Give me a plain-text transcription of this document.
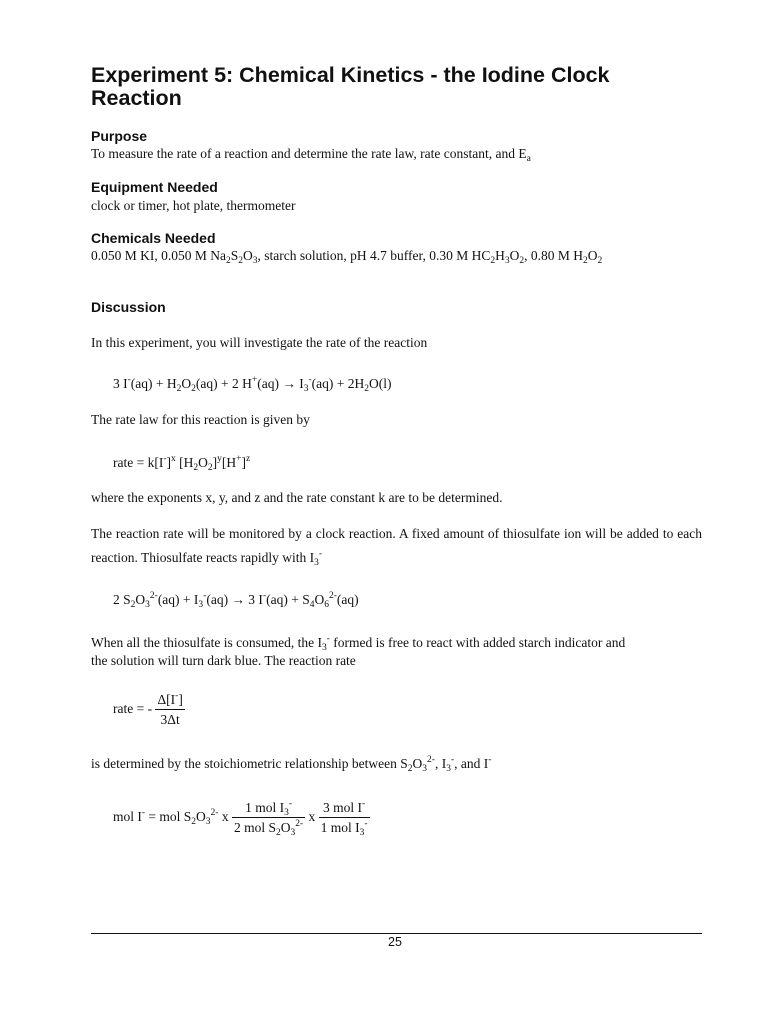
Experiment 5: Chemical Kinetics - the Iodine Clock
Reaction
Purpose
To measure the rate of a reaction and determine the rate law, rate constant, and $E_a$
Equipment Needed
clock or timer, hot plate, thermometer
Chemicals Needed
0.050 M KI, 0.050 M $Na_2S_2O_3$, starch solution, pH 4.7 buffer, 0.30 M $HC_2H_3O_2$, 0.80 M $H_2O_2$
Discussion
In this experiment, you will investigate the rate of the reaction
3 $I^-(aq) + H_2O_2(aq) + 2$ $H^+(aq) \to I_3^-(aq) + 2H_2O(l)$
The rate law for this reaction is given by
rate = $k[I^-]^x$ $[H_2O_2]^y[H^+]^z$
where the exponents x, y, and z and the rate constant k are to be determined.
The reaction rate will be monitored by a clock reaction. A fixed amount of thiosulfate ion will be added to each reaction. Thiosulfate reacts rapidly with $I_3^-$
2 $S_2O_3^{2-}(aq) + I_3^-(aq) \to 3$ $I^-(aq) + S_4O_6^{2-}(aq)$
When all the thiosulfate is consumed, the $I_3^-$ formed is free to react with added starch indicator and
the solution will turn dark blue. The reaction rate
rate = - $\frac{\Delta[I^-]}{3\Delta t}$
is determined by the stoichiometric relationship between $S_2O_3^{2-}$, $I_3^-$, and I-
mol I- = mol $S_2O_3^{2-}$ x $\frac{1 mol I_3^-}{2 mol S_2O_3^{2-}}$ x $\frac{3 mol I^-}{1 mol I_3^-}$
25
